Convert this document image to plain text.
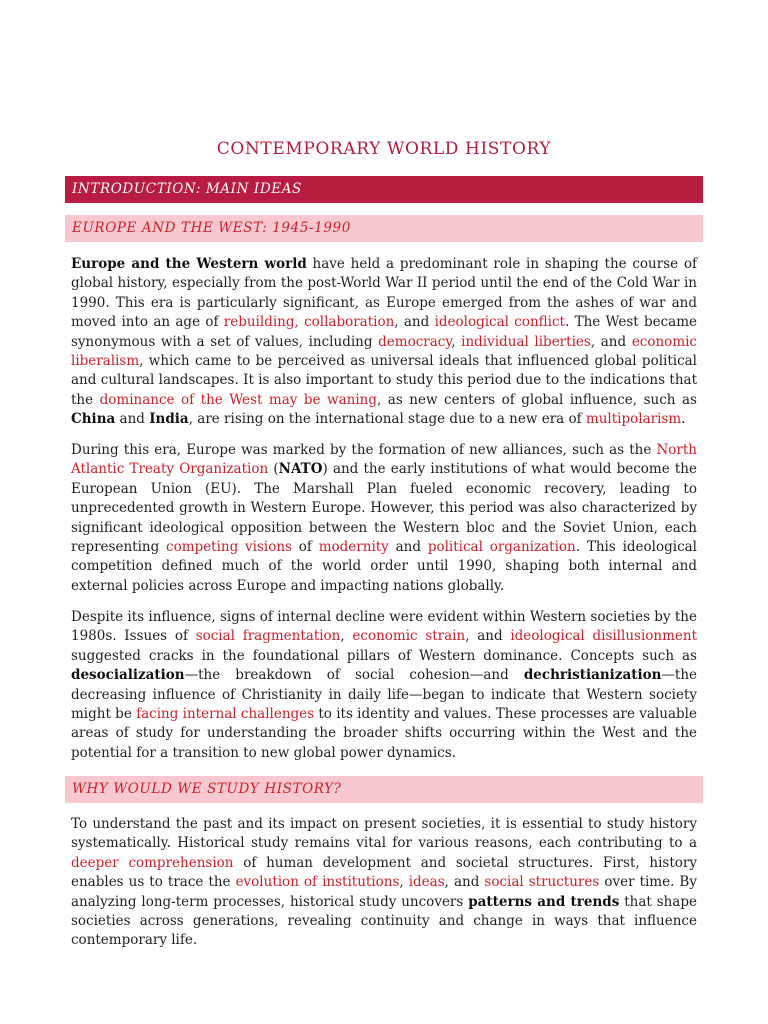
CONTEMPORARY WORLD HISTORY
INTRODUCTION: MAIN IDEAS
EUROPE AND THE WEST: 1945-1990

Europe and the Western world have held a predominant role in shaping the course of global history, especially from the post-World War II period until the end of the Cold War in 1990. This era is particularly significant, as Europe emerged from the ashes of war and moved into an age of rebuilding, collaboration, and ideological conflict. The West became synonymous with a set of values, including democracy, individual liberties, and economic liberalism, which came to be perceived as universal ideals that influenced global political and cultural landscapes. It is also important to study this period due to the indications that the dominance of the West may be waning, as new centers of global influence, such as China and India, are rising on the international stage due to a new era of multipolarism.

During this era, Europe was marked by the formation of new alliances, such as the North Atlantic Treaty Organization (NATO) and the early institutions of what would become the European Union (EU). The Marshall Plan fueled economic recovery, leading to unprecedented growth in Western Europe. However, this period was also characterized by significant ideological opposition between the Western bloc and the Soviet Union, each representing competing visions of modernity and political organization. This ideological competition defined much of the world order until 1990, shaping both internal and external policies across Europe and impacting nations globally.

Despite its influence, signs of internal decline were evident within Western societies by the 1980s. Issues of social fragmentation, economic strain, and ideological disillusionment suggested cracks in the foundational pillars of Western dominance. Concepts such as desocialization—the breakdown of social cohesion—and dechristianization—the decreasing influence of Christianity in daily life—began to indicate that Western society might be facing internal challenges to its identity and values. These processes are valuable areas of study for understanding the broader shifts occurring within the West and the potential for a transition to new global power dynamics.

WHY WOULD WE STUDY HISTORY?

To understand the past and its impact on present societies, it is essential to study history systematically. Historical study remains vital for various reasons, each contributing to a deeper comprehension of human development and societal structures. First, history enables us to trace the evolution of institutions, ideas, and social structures over time. By analyzing long-term processes, historical study uncovers patterns and trends that shape societies across generations, revealing continuity and change in ways that influence contemporary life.
